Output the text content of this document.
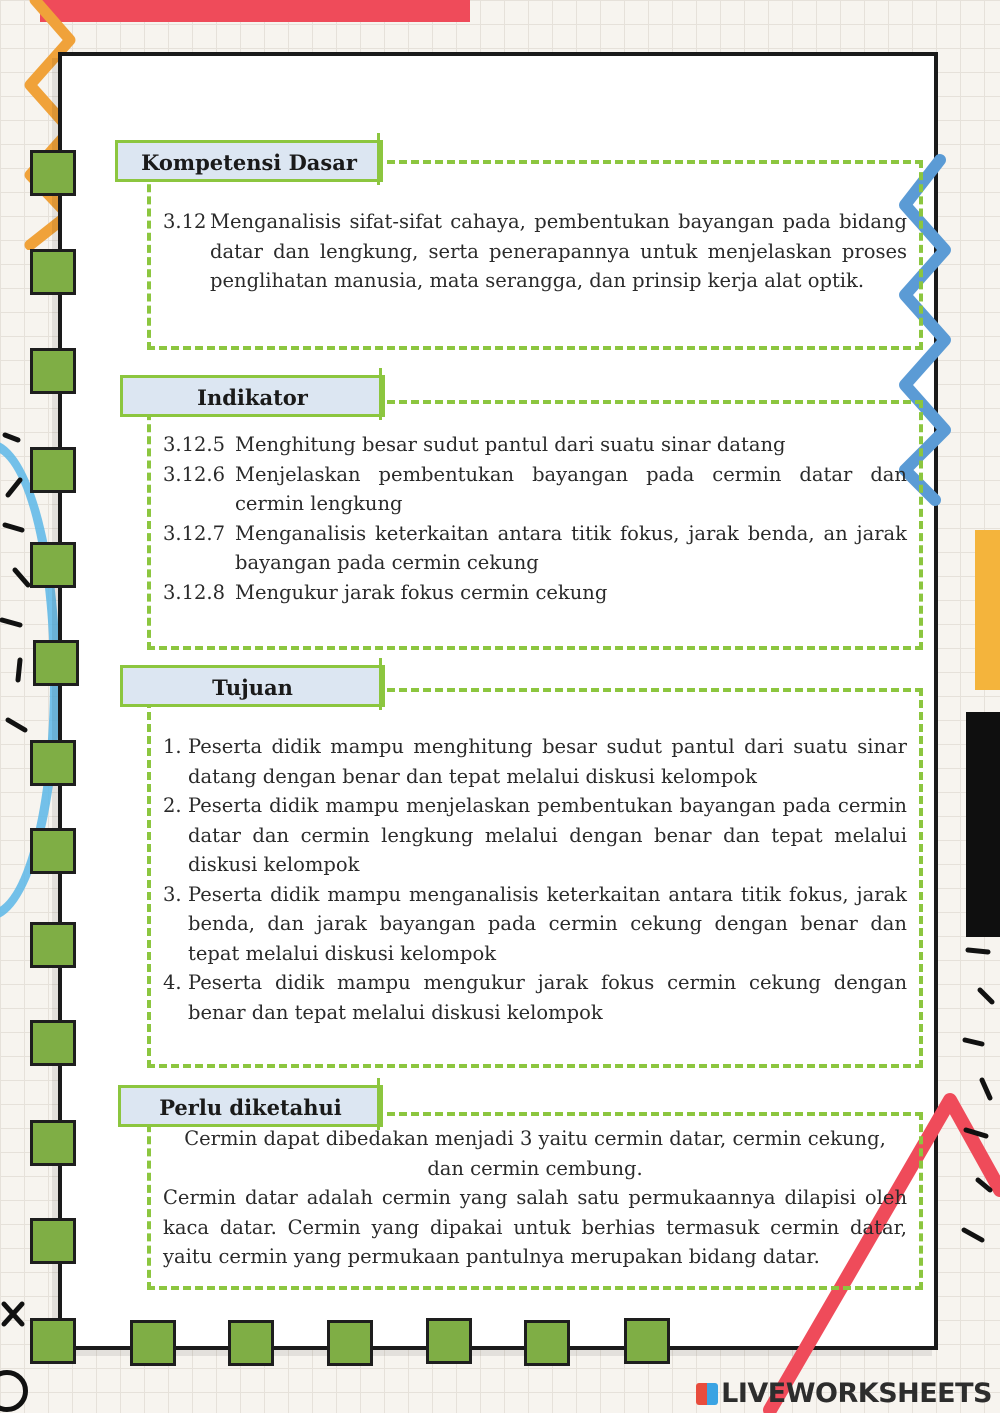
Kompetensi Dasar
3.12 Menganalisis sifat-sifat cahaya, pembentukan bayangan pada bidang datar dan lengkung, serta penerapannya untuk menjelaskan proses penglihatan manusia, mata serangga, dan prinsip kerja alat optik.
Indikator
3.12.5 Menghitung besar sudut pantul dari suatu sinar datang
3.12.6 Menjelaskan pembentukan bayangan pada cermin datar dan cermin lengkung
3.12.7 Menganalisis keterkaitan antara titik fokus, jarak benda, an jarak bayangan pada cermin cekung
3.12.8 Mengukur jarak fokus cermin cekung
Tujuan
1. Peserta didik mampu menghitung besar sudut pantul dari suatu sinar datang dengan benar dan tepat melalui diskusi kelompok
2. Peserta didik mampu menjelaskan pembentukan bayangan pada cermin datar dan cermin lengkung melalui dengan benar dan tepat melalui diskusi kelompok
3. Peserta didik mampu menganalisis keterkaitan antara titik fokus, jarak benda, dan jarak bayangan pada cermin cekung dengan benar dan tepat melalui diskusi kelompok
4. Peserta didik mampu mengukur jarak fokus cermin cekung dengan benar dan tepat melalui diskusi kelompok
Perlu diketahui
Cermin dapat dibedakan menjadi 3 yaitu cermin datar, cermin cekung, dan cermin cembung.
Cermin datar adalah cermin yang salah satu permukaannya dilapisi oleh kaca datar. Cermin yang dipakai untuk berhias termasuk cermin datar, yaitu cermin yang permukaan pantulnya merupakan bidang datar.
LIVEWORKSHEETS
